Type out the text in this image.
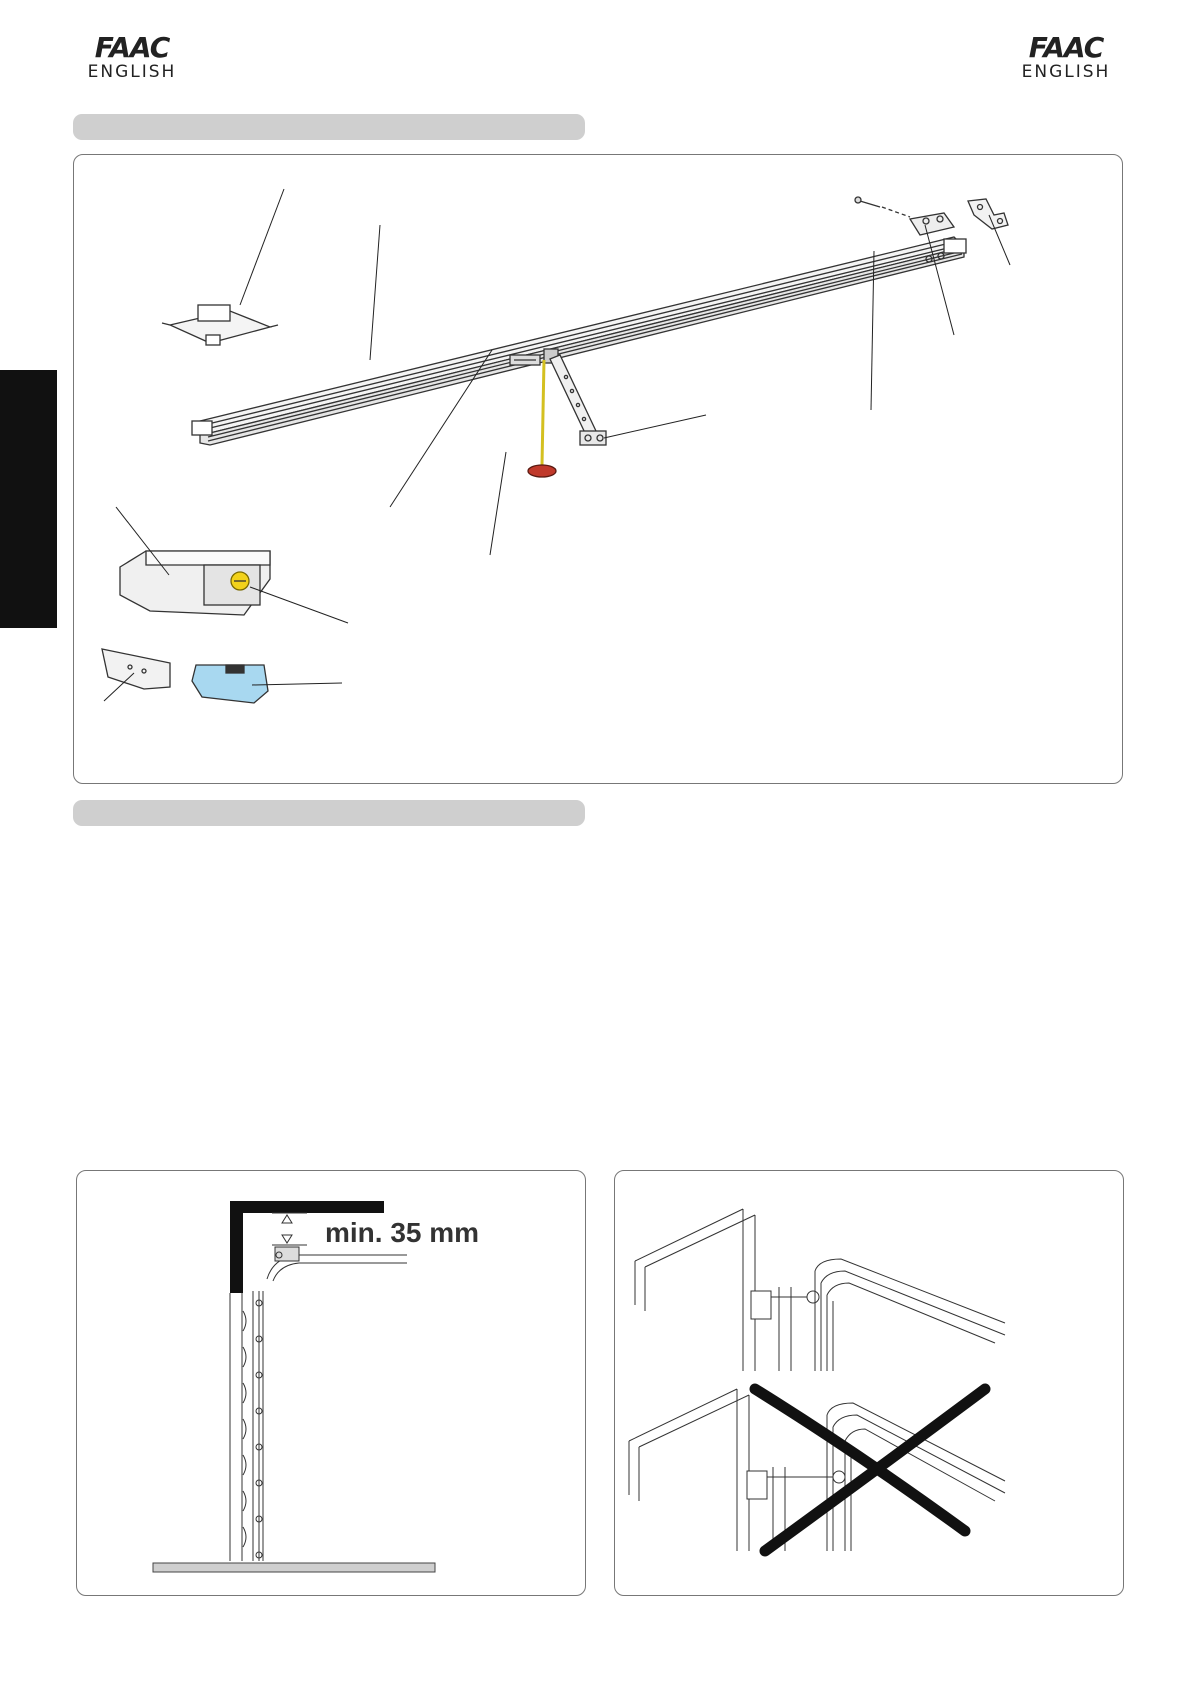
FAAC
ENGLISH
FAAC
ENGLISH
min. 35 mm
